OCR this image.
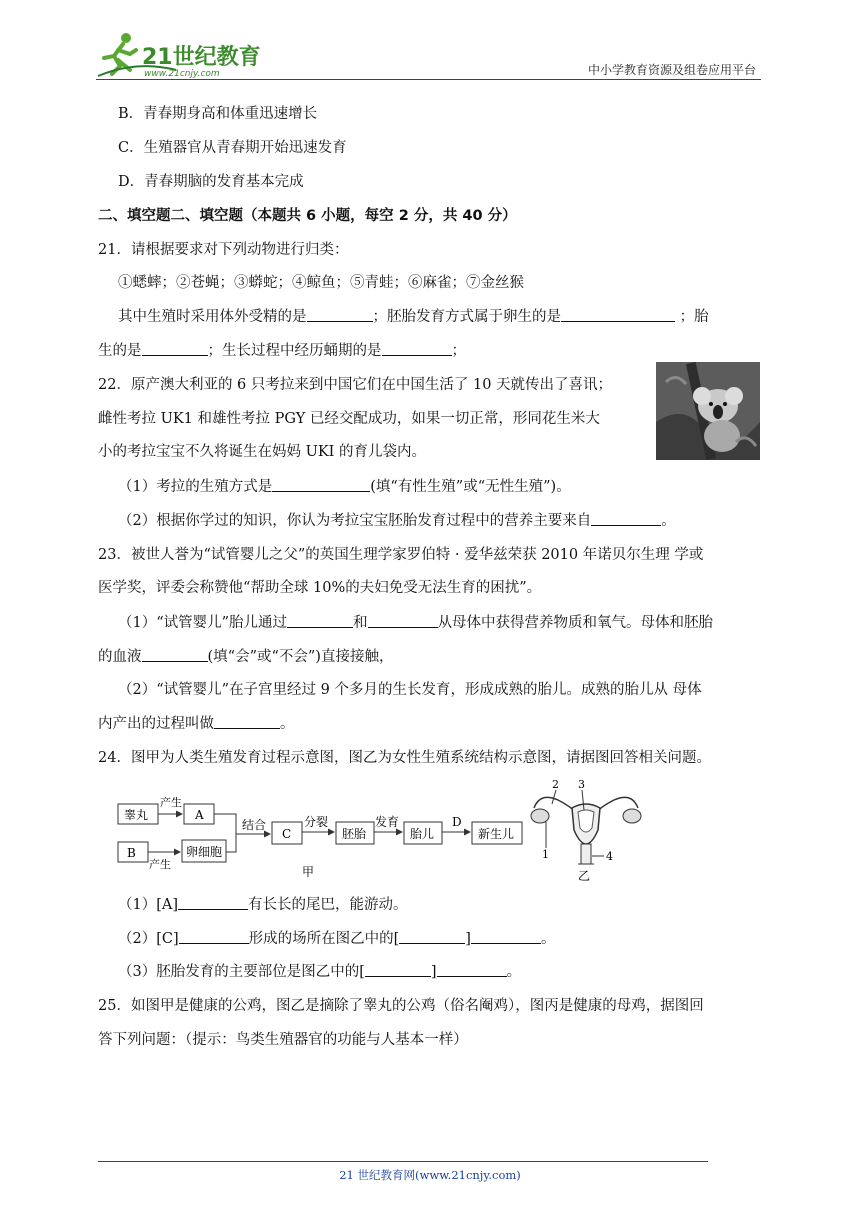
21世纪教育
www.21cnjy.com	中小学教育资源及组卷应用平台
B．青春期身高和体重迅速增长
C．生殖器官从青春期开始迅速发育
D．青春期脑的发育基本完成
二、填空题二、填空题（本题共 6 小题，每空 2 分，共 40 分）
21．请根据要求对下列动物进行归类：
①蟋蟀；②苍蝇；③蟒蛇；④鲸鱼；⑤青蛙；⑥麻雀；⑦金丝猴
其中生殖时采用体外受精的是	；胚胎发育方式属于卵生的是	；胎
生的是	；生长过程中经历蛹期的是	；
22．原产澳大利亚的 6 只考拉来到中国它们在中国生活了 10 天就传出了喜讯；
雌性考拉 UK1 和雄性考拉 PGY 已经交配成功，如果一切正常，形同花生米大
小的考拉宝宝不久将诞生在妈妈 UKI 的育儿袋内。
（1）考拉的生殖方式是	(填“有性生殖”或“无性生殖”)。
（2）根据你学过的知识，你认为考拉宝宝胚胎发育过程中的营养主要来自	。
23．被世人誉为“试管婴儿之父”的英国生理学家罗伯特 · 爱华兹荣获 2010 年诺贝尔生理 学或
医学奖，评委会称赞他“帮助全球 10%的夫妇免受无法生育的困扰”。
（1）“试管婴儿”胎儿通过	和	从母体中获得营养物质和氧气。母体和胚胎
的血液	(填“会”或“不会”)直接接触，
（2）“试管婴儿”在子宫里经过 9 个多月的生长发育，形成成熟的胎儿。成熟的胎儿从 母体
内产出的过程叫做	。
24．图甲为人类生殖发育过程示意图，图乙为女性生殖系统结构示意图，请据图回答相关问题。
睾丸
产生
A
B
产生
卵细胞
结合
C
分裂
胚胎
发育
胎儿
D
新生儿
甲
1
2 3
4
乙
（1）[A]	有长长的尾巴，能游动。
（2）[C]	形成的场所在图乙中的[	]	。
（3）胚胎发育的主要部位是图乙中的[	]	。
25．如图甲是健康的公鸡，图乙是摘除了睾丸的公鸡（俗名阉鸡），图丙是健康的母鸡，据图回
答下列问题：（提示：鸟类生殖器官的功能与人基本一样）
21 世纪教育网(www.21cnjy.com)
